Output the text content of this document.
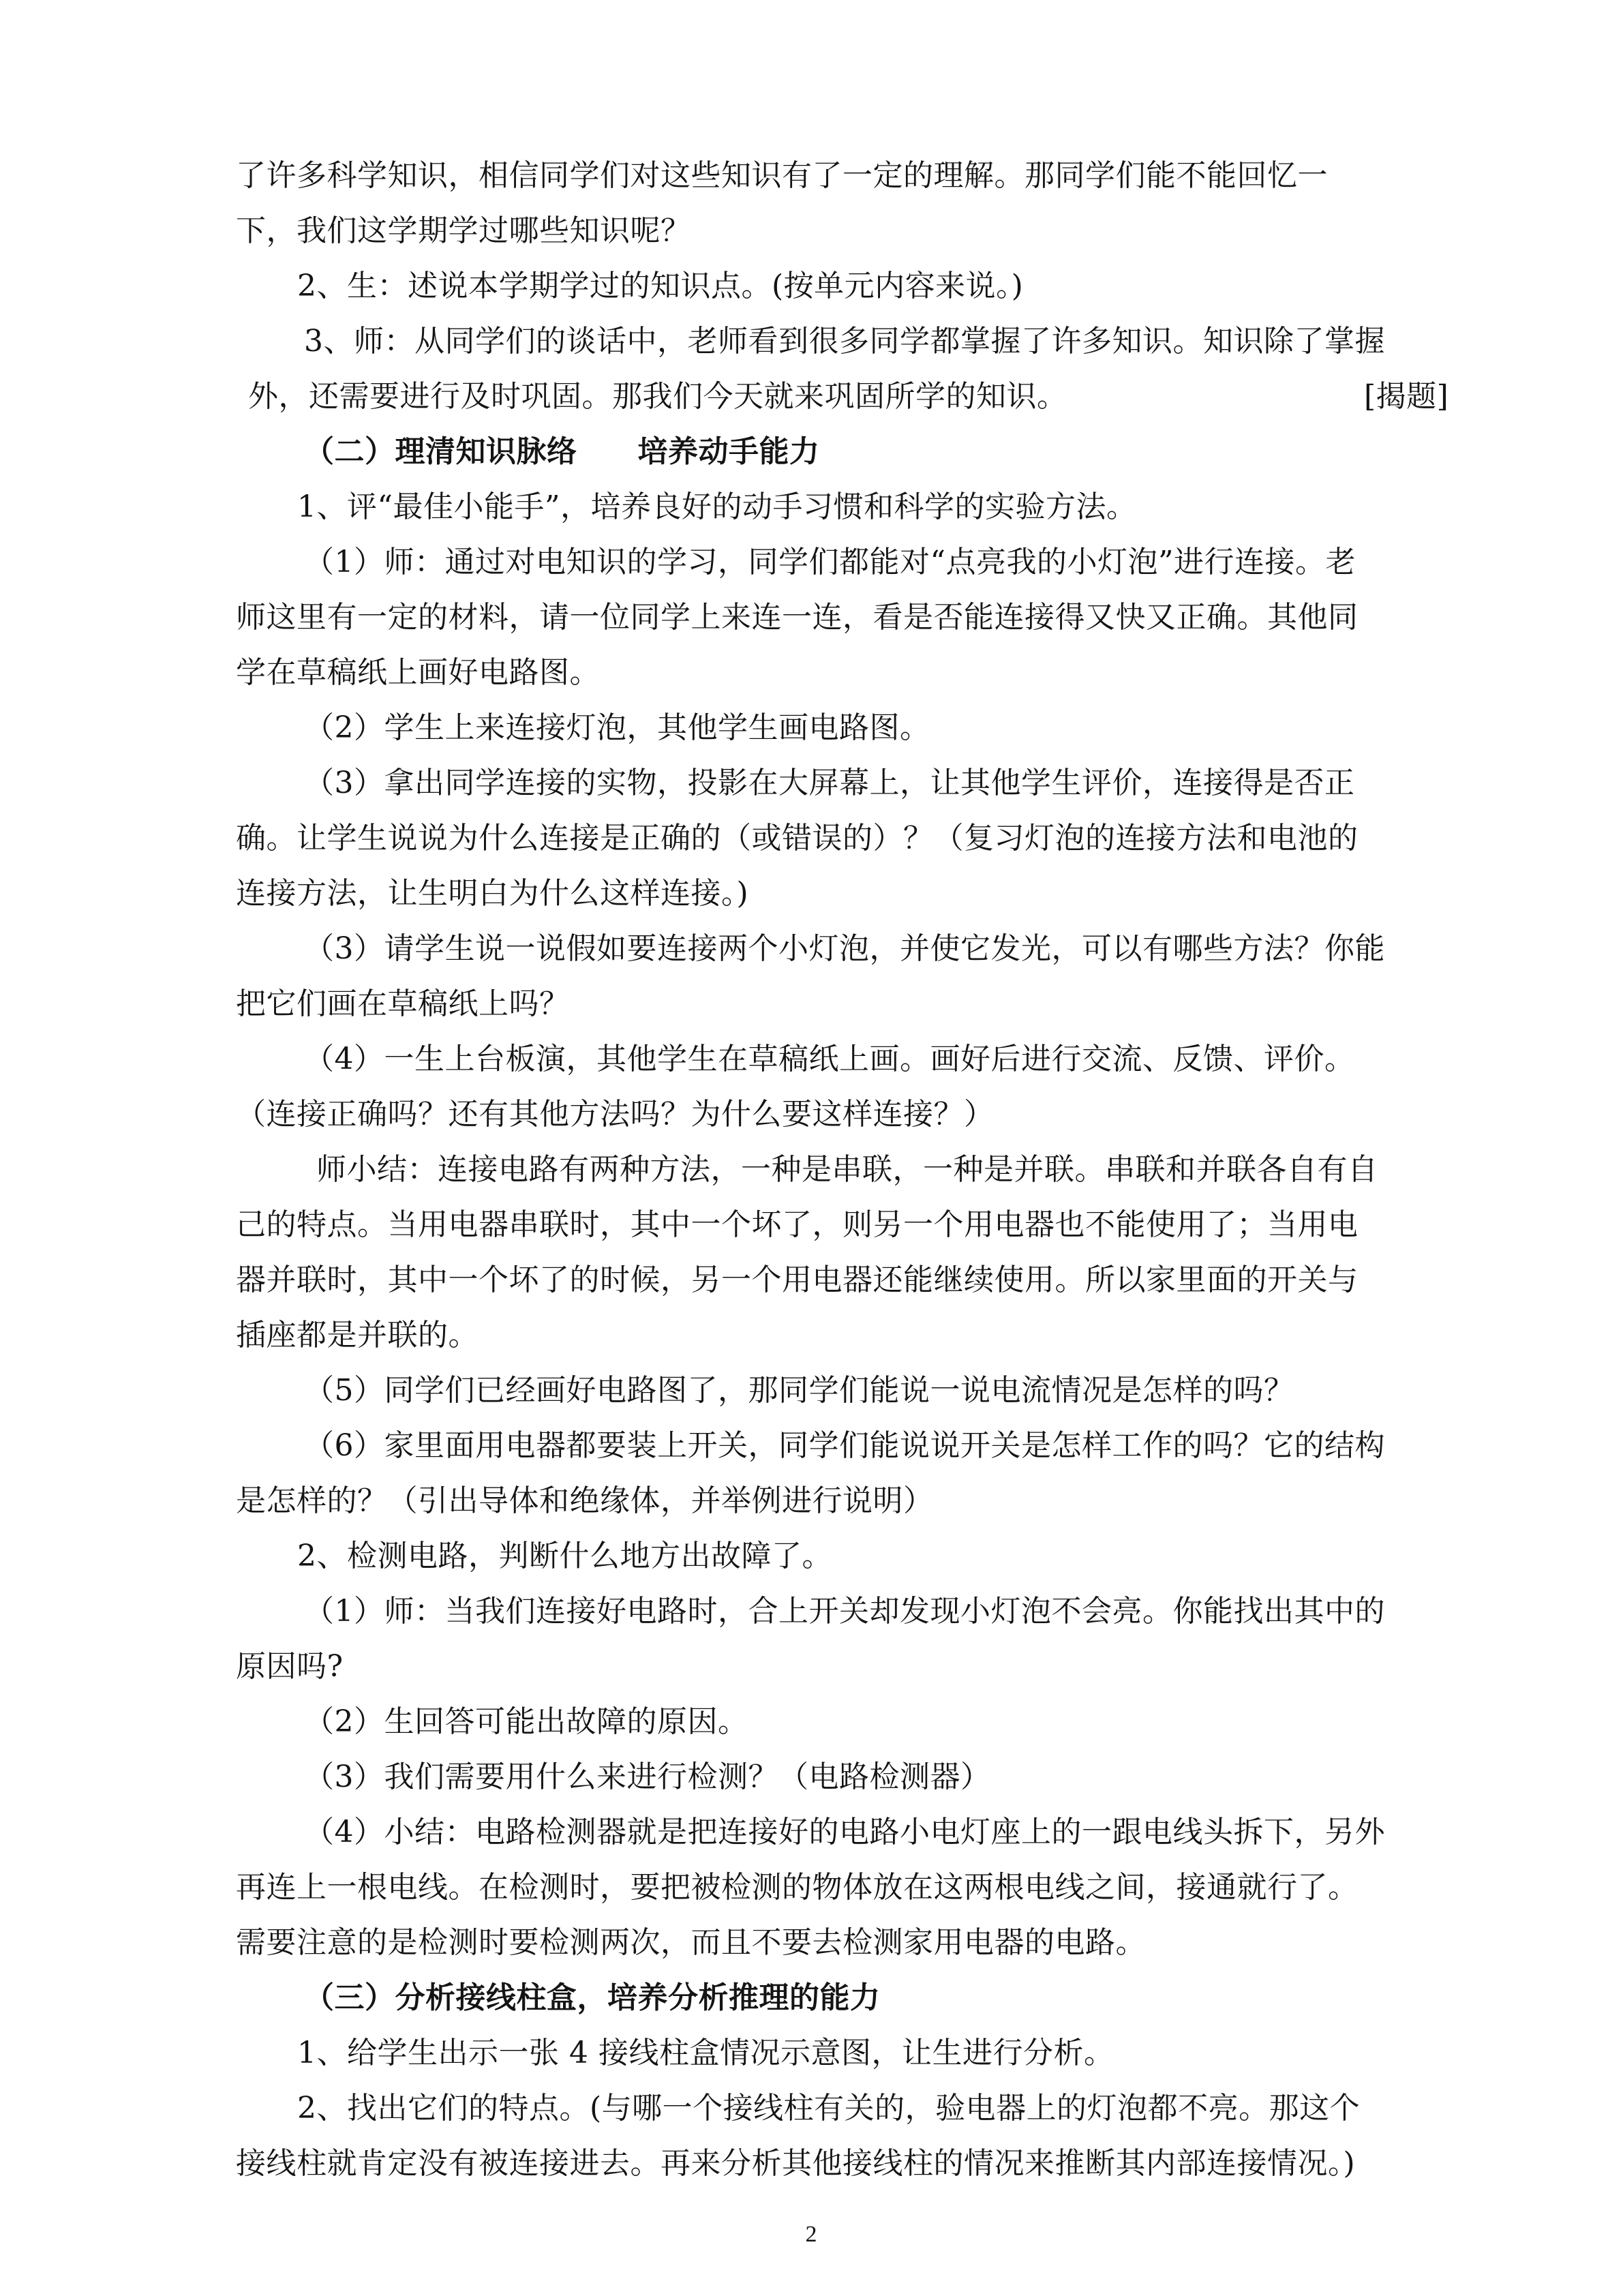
了许多科学知识，相信同学们对这些知识有了一定的理解。那同学们能不能回忆一

下，我们这学期学过哪些知识呢？

2、生：述说本学期学过的知识点。(按单元内容来说。)

3、师：从同学们的谈话中，老师看到很多同学都掌握了许多知识。知识除了掌握
外，还需要进行及时巩固。那我们今天就来巩固所学的知识。	[揭题]
（二）理清知识脉络　　培养动手能力

1、评“最佳小能手”，培养良好的动手习惯和科学的实验方法。

（1）师：通过对电知识的学习，同学们都能对“点亮我的小灯泡”进行连接。老

师这里有一定的材料，请一位同学上来连一连，看是否能连接得又快又正确。其他同

学在草稿纸上画好电路图。

（2）学生上来连接灯泡，其他学生画电路图。

（3）拿出同学连接的实物，投影在大屏幕上，让其他学生评价，连接得是否正

确。让学生说说为什么连接是正确的（或错误的）？（复习灯泡的连接方法和电池的

连接方法，让生明白为什么这样连接。)

（3）请学生说一说假如要连接两个小灯泡，并使它发光，可以有哪些方法？你能

把它们画在草稿纸上吗？

（4）一生上台板演，其他学生在草稿纸上画。画好后进行交流、反馈、评价。

（连接正确吗？还有其他方法吗？为什么要这样连接？）

师小结：连接电路有两种方法，一种是串联，一种是并联。串联和并联各自有自

己的特点。当用电器串联时，其中一个坏了，则另一个用电器也不能使用了；当用电

器并联时，其中一个坏了的时候，另一个用电器还能继续使用。所以家里面的开关与

插座都是并联的。

（5）同学们已经画好电路图了，那同学们能说一说电流情况是怎样的吗？

（6）家里面用电器都要装上开关，同学们能说说开关是怎样工作的吗？它的结构

是怎样的？（引出导体和绝缘体，并举例进行说明）

2、检测电路，判断什么地方出故障了。

（1）师：当我们连接好电路时，合上开关却发现小灯泡不会亮。你能找出其中的

原因吗?

（2）生回答可能出故障的原因。

（3）我们需要用什么来进行检测？（电路检测器）

（4）小结：电路检测器就是把连接好的电路小电灯座上的一跟电线头拆下，另外

再连上一根电线。在检测时，要把被检测的物体放在这两根电线之间，接通就行了。

需要注意的是检测时要检测两次，而且不要去检测家用电器的电路。

（三）分析接线柱盒，培养分析推理的能力

1、给学生出示一张 4 接线柱盒情况示意图，让生进行分析。

2、找出它们的特点。(与哪一个接线柱有关的，验电器上的灯泡都不亮。那这个

接线柱就肯定没有被连接进去。再来分析其他接线柱的情况来推断其内部连接情况。)

2
